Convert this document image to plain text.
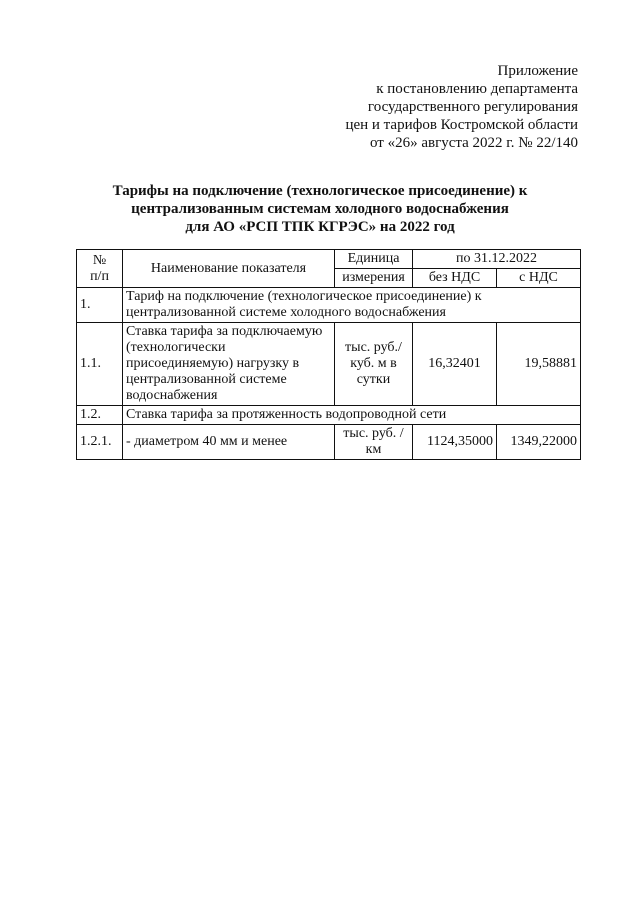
Приложение
к постановлению департамента
государственного регулирования
цен и тарифов Костромской области
от «26» августа 2022 г. № 22/140
Тарифы на подключение (технологическое присоединение) к
централизованным системам холодного водоснабжения
для АО «РСП ТПК КГРЭС» на 2022 год
№
п/п	Наименование показателя	Единица	по 31.12.2022	
		измерения	без НДС	с НДС
1.	Тариф на подключение (технологическое присоединение) к централизованной системе холодного водоснабжения			
1.1.	Ставка тарифа за подключаемую (технологически присоединяемую) нагрузку в централизованной системе водоснабжения	тыс. руб./ куб. м в сутки	16,32401	19,58881
1.2.	Ставка тарифа за протяженность водопроводной сети			
1.2.1.	- диаметром 40 мм и менее	тыс. руб. /км	1124,35000	1349,22000
